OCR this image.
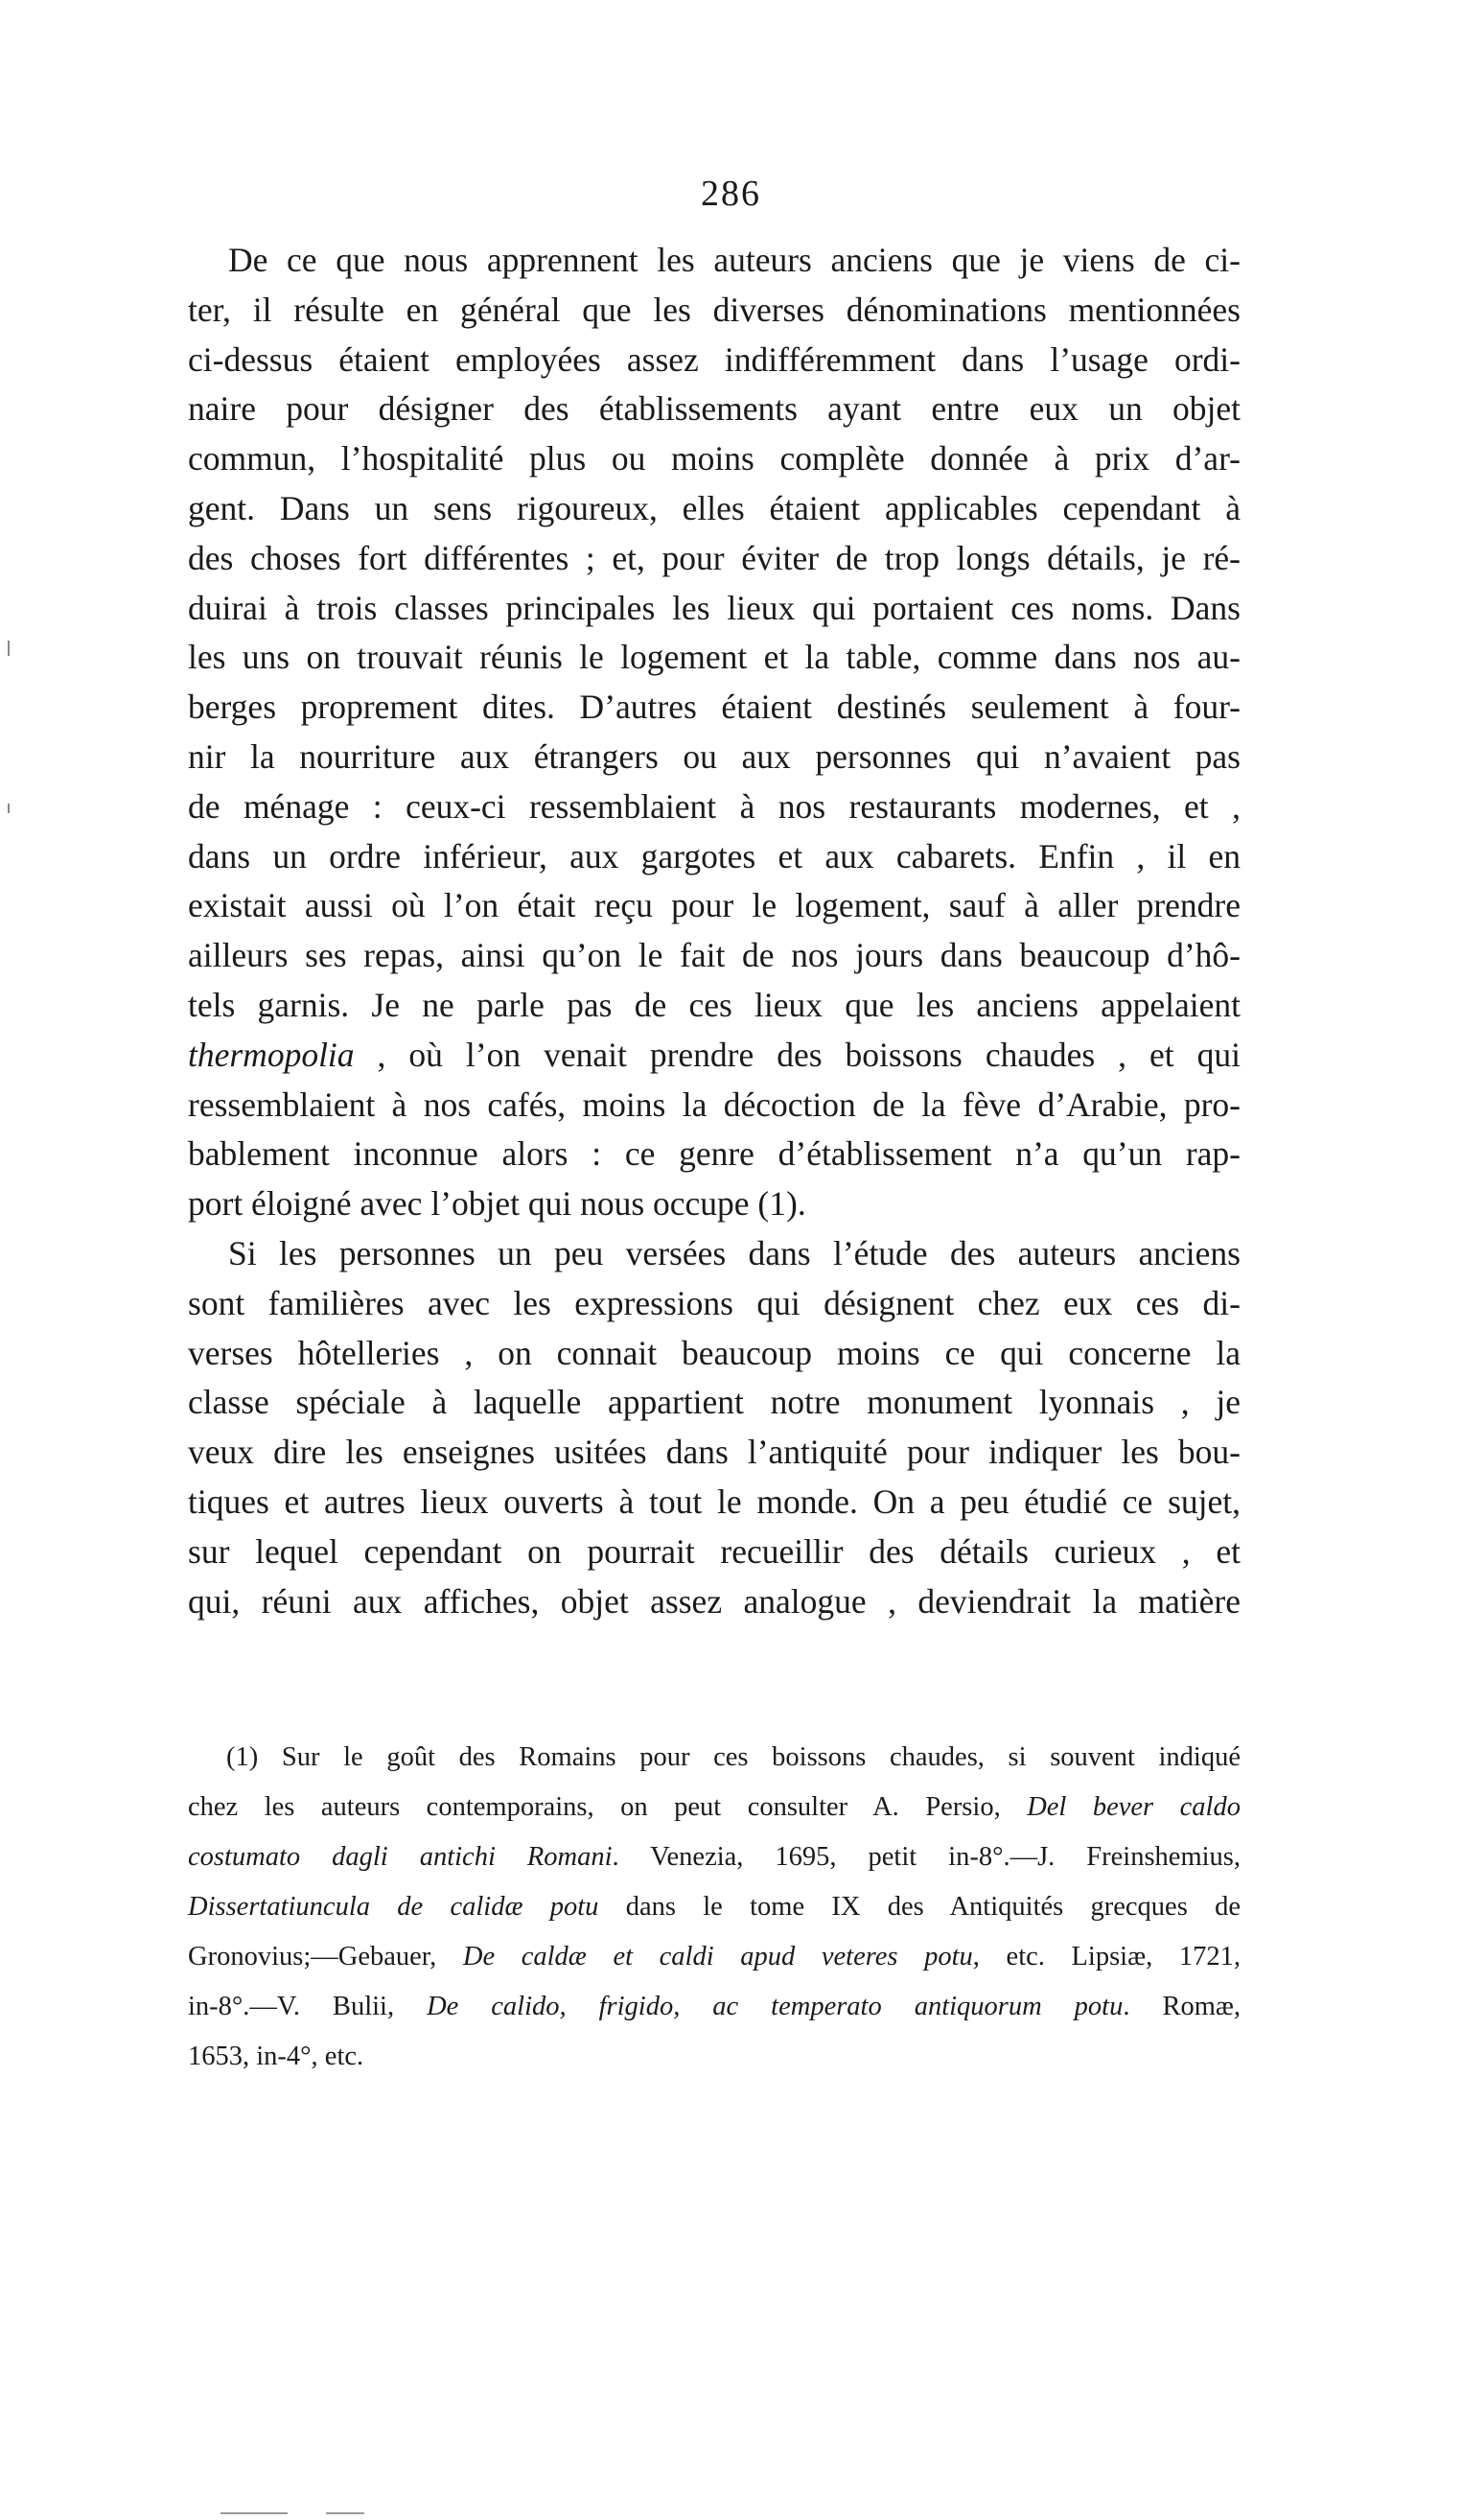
286
De ce que nous apprennent les auteurs anciens que je viens de ci-
ter, il résulte en général que les diverses dénominations mentionnées
ci-dessus étaient employées assez indifféremment dans l’usage ordi-
naire pour désigner des établissements ayant entre eux un objet
commun, l’hospitalité plus ou moins complète donnée à prix d’ar-
gent. Dans un sens rigoureux, elles étaient applicables cependant à
des choses fort différentes ; et, pour éviter de trop longs détails, je ré-
duirai à trois classes principales les lieux qui portaient ces noms. Dans
les uns on trouvait réunis le logement et la table, comme dans nos au-
berges proprement dites. D’autres étaient destinés seulement à four-
nir la nourriture aux étrangers ou aux personnes qui n’avaient pas
de ménage : ceux-ci ressemblaient à nos restaurants modernes, et ,
dans un ordre inférieur, aux gargotes et aux cabarets. Enfin , il en
existait aussi où l’on était reçu pour le logement, sauf à aller prendre
ailleurs ses repas, ainsi qu’on le fait de nos jours dans beaucoup d’hô-
tels garnis. Je ne parle pas de ces lieux que les anciens appelaient
thermopolia , où l’on venait prendre des boissons chaudes , et qui
ressemblaient à nos cafés, moins la décoction de la fève d’Arabie, pro-
bablement inconnue alors : ce genre d’établissement n’a qu’un rap-
port éloigné avec l’objet qui nous occupe (1).
Si les personnes un peu versées dans l’étude des auteurs anciens
sont familières avec les expressions qui désignent chez eux ces di-
verses hôtelleries , on connait beaucoup moins ce qui concerne la
classe spéciale à laquelle appartient notre monument lyonnais , je
veux dire les enseignes usitées dans l’antiquité pour indiquer les bou-
tiques et autres lieux ouverts à tout le monde. On a peu étudié ce sujet,
sur lequel cependant on pourrait recueillir des détails curieux , et
qui, réuni aux affiches, objet assez analogue , deviendrait la matière
(1) Sur le goût des Romains pour ces boissons chaudes, si souvent indiqué
chez les auteurs contemporains, on peut consulter A. Persio, Del bever caldo
costumato dagli antichi Romani. Venezia, 1695, petit in-8°.—J. Freinshemius,
Dissertatiuncula de calidæ potu dans le tome IX des Antiquités grecques de
Gronovius;—Gebauer, De caldæ et caldi apud veteres potu, etc. Lipsiæ, 1721,
in-8°.—V. Bulii, De calido, frigido, ac temperato antiquorum potu. Romæ,
1653, in-4°, etc.
